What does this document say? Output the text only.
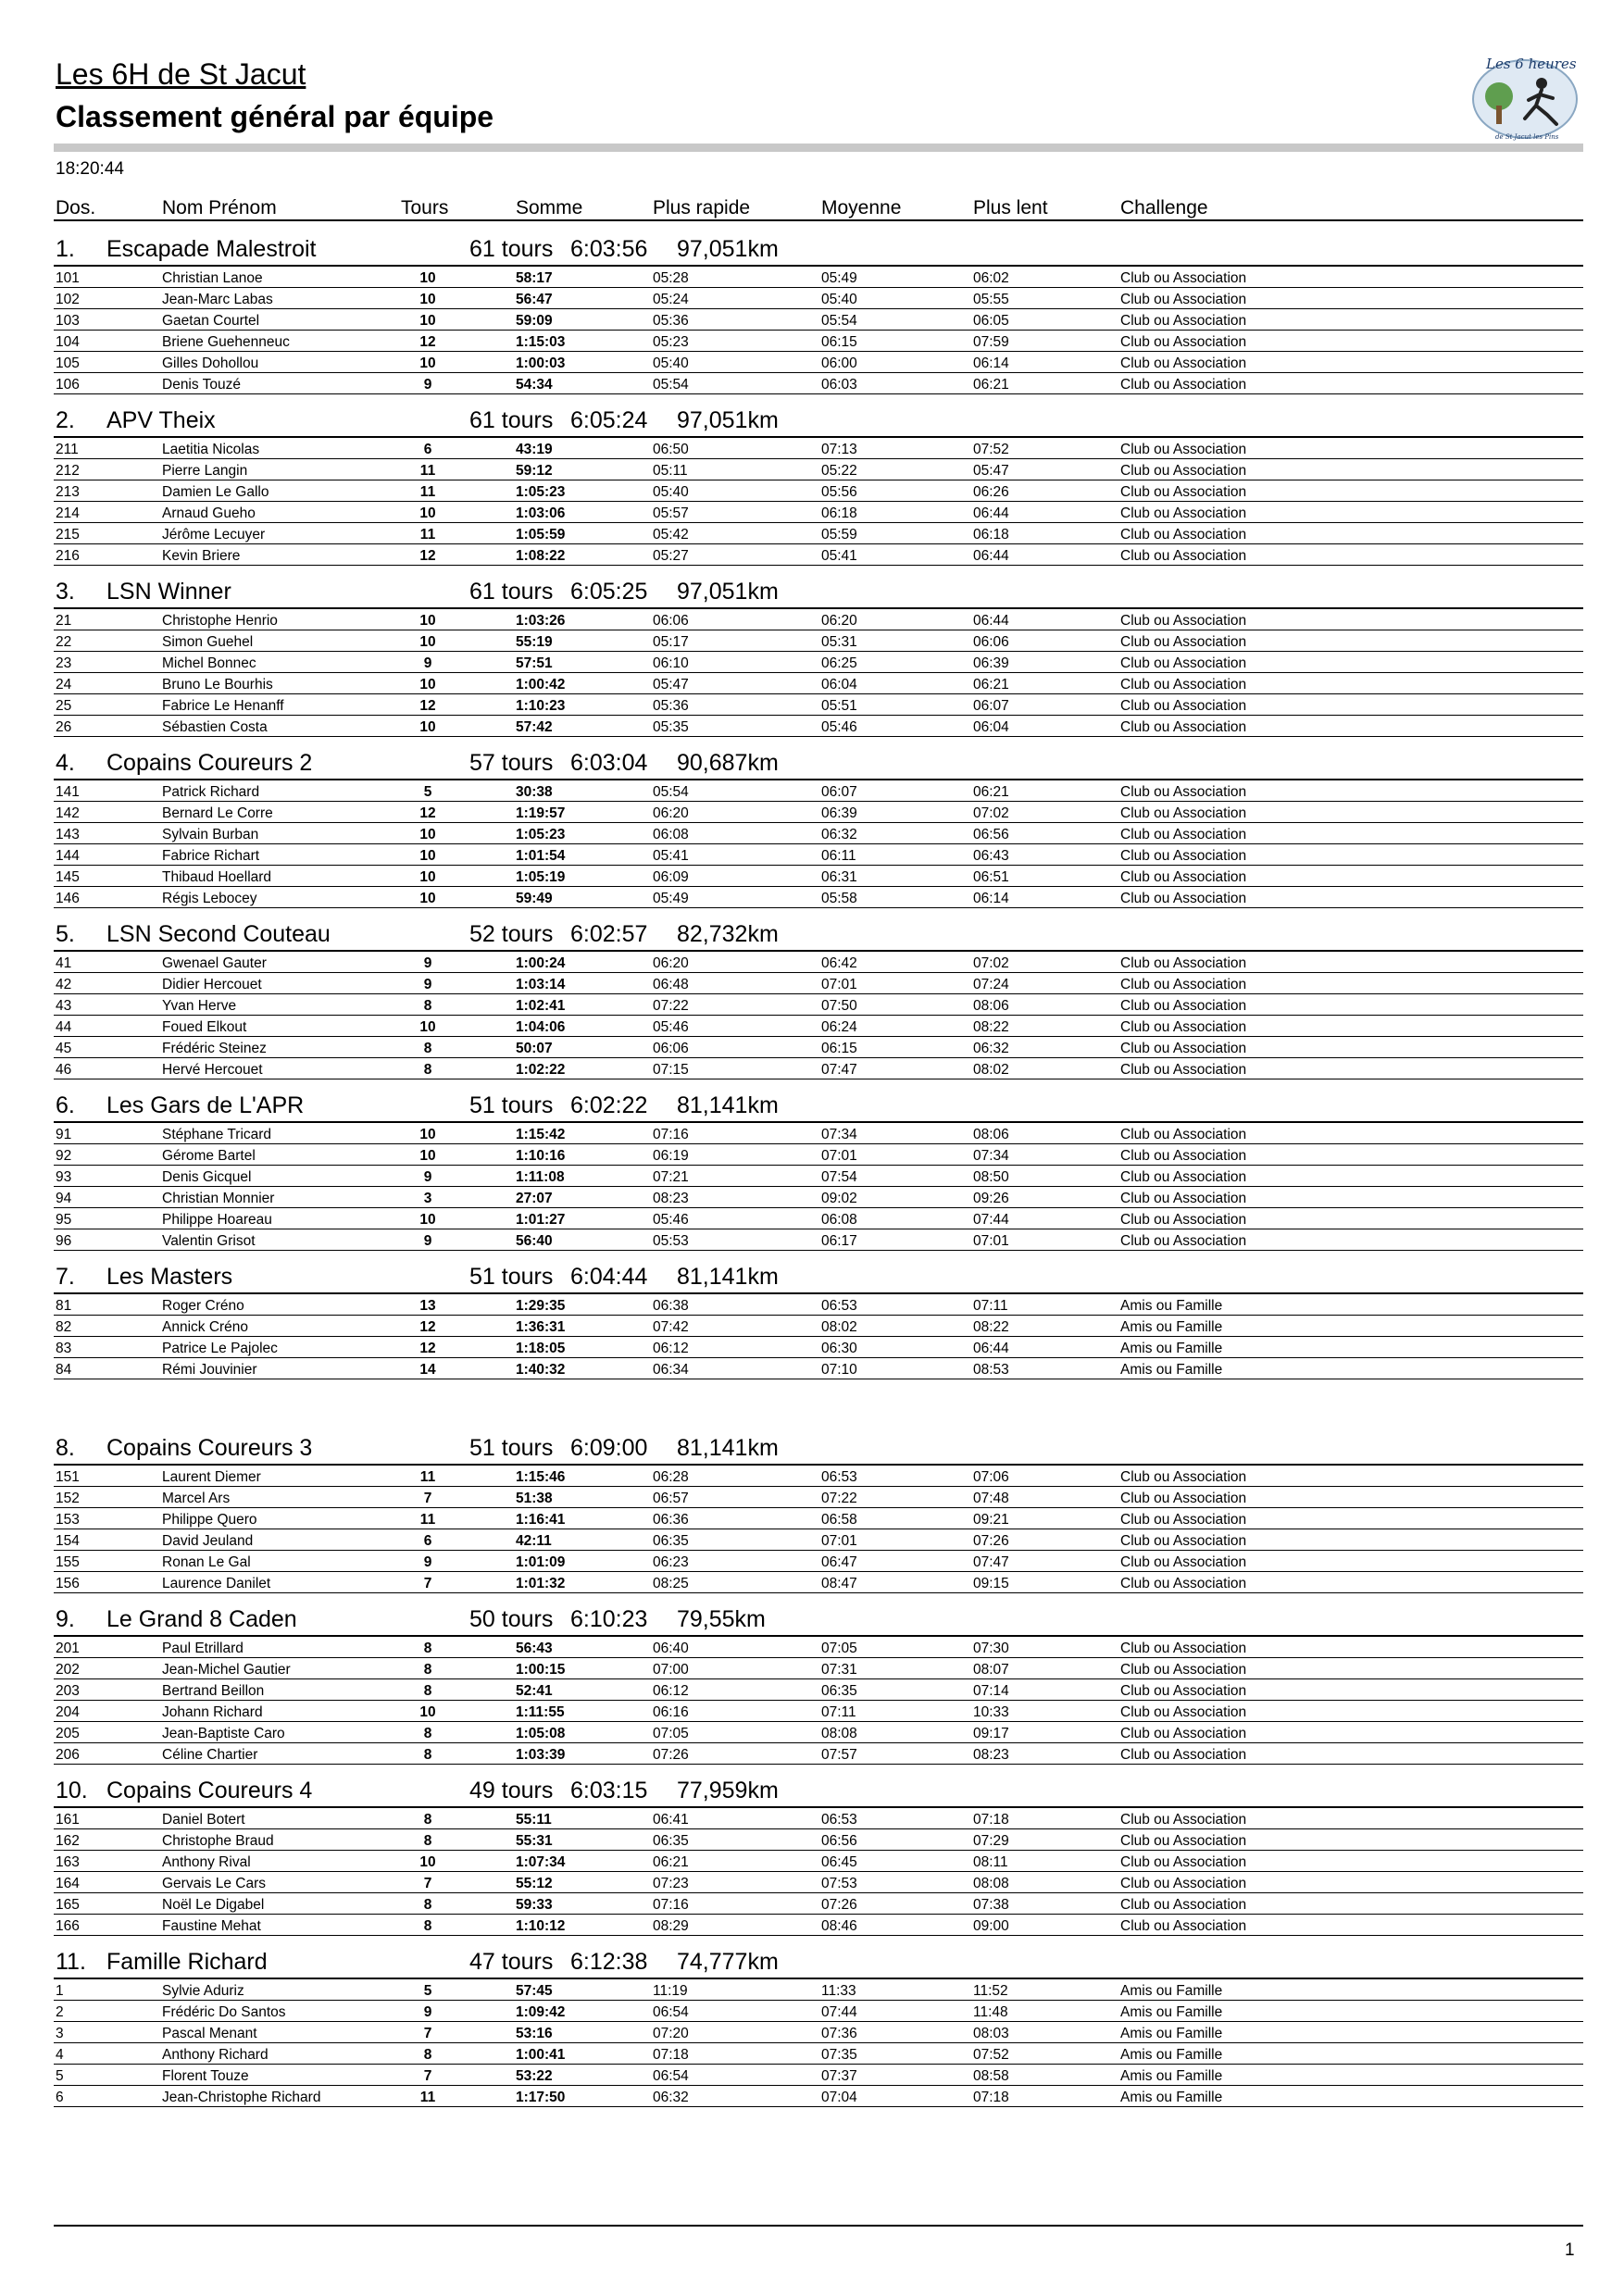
Les 6H de St Jacut
Classement général par équipe
Les 6 heures
de St Jacut les Pins
18:20:44
Dos.	Nom Prénom	Tours	Somme	Plus rapide	Moyenne	Plus lent	Challenge
1. Escapade Malestroit	61 tours 6:03:56 97,051km
101	Christian Lanoe	10	58:17	05:28	05:49	06:02	Club ou Association
102	Jean-Marc Labas	10	56:47	05:24	05:40	05:55	Club ou Association
103	Gaetan Courtel	10	59:09	05:36	05:54	06:05	Club ou Association
104	Briene Guehenneuc	12	1:15:03	05:23	06:15	07:59	Club ou Association
105	Gilles Dohollou	10	1:00:03	05:40	06:00	06:14	Club ou Association
106	Denis Touzé	9	54:34	05:54	06:03	06:21	Club ou Association
2. APV Theix	61 tours 6:05:24 97,051km
211	Laetitia Nicolas	6	43:19	06:50	07:13	07:52	Club ou Association
212	Pierre Langin	11	59:12	05:11	05:22	05:47	Club ou Association
213	Damien Le Gallo	11	1:05:23	05:40	05:56	06:26	Club ou Association
214	Arnaud Gueho	10	1:03:06	05:57	06:18	06:44	Club ou Association
215	Jérôme Lecuyer	11	1:05:59	05:42	05:59	06:18	Club ou Association
216	Kevin Briere	12	1:08:22	05:27	05:41	06:44	Club ou Association
3. LSN Winner	61 tours 6:05:25 97,051km
21	Christophe Henrio	10	1:03:26	06:06	06:20	06:44	Club ou Association
22	Simon Guehel	10	55:19	05:17	05:31	06:06	Club ou Association
23	Michel Bonnec	9	57:51	06:10	06:25	06:39	Club ou Association
24	Bruno Le Bourhis	10	1:00:42	05:47	06:04	06:21	Club ou Association
25	Fabrice Le Henanff	12	1:10:23	05:36	05:51	06:07	Club ou Association
26	Sébastien Costa	10	57:42	05:35	05:46	06:04	Club ou Association
4. Copains Coureurs 2	57 tours 6:03:04 90,687km
141	Patrick Richard	5	30:38	05:54	06:07	06:21	Club ou Association
142	Bernard Le Corre	12	1:19:57	06:20	06:39	07:02	Club ou Association
143	Sylvain Burban	10	1:05:23	06:08	06:32	06:56	Club ou Association
144	Fabrice Richart	10	1:01:54	05:41	06:11	06:43	Club ou Association
145	Thibaud Hoellard	10	1:05:19	06:09	06:31	06:51	Club ou Association
146	Régis Lebocey	10	59:49	05:49	05:58	06:14	Club ou Association
5. LSN Second Couteau	52 tours 6:02:57 82,732km
41	Gwenael Gauter	9	1:00:24	06:20	06:42	07:02	Club ou Association
42	Didier Hercouet	9	1:03:14	06:48	07:01	07:24	Club ou Association
43	Yvan Herve	8	1:02:41	07:22	07:50	08:06	Club ou Association
44	Foued Elkout	10	1:04:06	05:46	06:24	08:22	Club ou Association
45	Frédéric Steinez	8	50:07	06:06	06:15	06:32	Club ou Association
46	Hervé Hercouet	8	1:02:22	07:15	07:47	08:02	Club ou Association
6. Les Gars de L'APR	51 tours 6:02:22 81,141km
91	Stéphane Tricard	10	1:15:42	07:16	07:34	08:06	Club ou Association
92	Gérome Bartel	10	1:10:16	06:19	07:01	07:34	Club ou Association
93	Denis Gicquel	9	1:11:08	07:21	07:54	08:50	Club ou Association
94	Christian Monnier	3	27:07	08:23	09:02	09:26	Club ou Association
95	Philippe Hoareau	10	1:01:27	05:46	06:08	07:44	Club ou Association
96	Valentin Grisot	9	56:40	05:53	06:17	07:01	Club ou Association
7. Les Masters	51 tours 6:04:44 81,141km
81	Roger Créno	13	1:29:35	06:38	06:53	07:11	Amis ou Famille
82	Annick Créno	12	1:36:31	07:42	08:02	08:22	Amis ou Famille
83	Patrice Le Pajolec	12	1:18:05	06:12	06:30	06:44	Amis ou Famille
84	Rémi Jouvinier	14	1:40:32	06:34	07:10	08:53	Amis ou Famille
8. Copains Coureurs 3	51 tours 6:09:00 81,141km
151	Laurent Diemer	11	1:15:46	06:28	06:53	07:06	Club ou Association
152	Marcel Ars	7	51:38	06:57	07:22	07:48	Club ou Association
153	Philippe Quero	11	1:16:41	06:36	06:58	09:21	Club ou Association
154	David Jeuland	6	42:11	06:35	07:01	07:26	Club ou Association
155	Ronan Le Gal	9	1:01:09	06:23	06:47	07:47	Club ou Association
156	Laurence Danilet	7	1:01:32	08:25	08:47	09:15	Club ou Association
9. Le Grand 8 Caden	50 tours 6:10:23 79,55km
201	Paul Etrillard	8	56:43	06:40	07:05	07:30	Club ou Association
202	Jean-Michel Gautier	8	1:00:15	07:00	07:31	08:07	Club ou Association
203	Bertrand Beillon	8	52:41	06:12	06:35	07:14	Club ou Association
204	Johann Richard	10	1:11:55	06:16	07:11	10:33	Club ou Association
205	Jean-Baptiste Caro	8	1:05:08	07:05	08:08	09:17	Club ou Association
206	Céline Chartier	8	1:03:39	07:26	07:57	08:23	Club ou Association
10. Copains Coureurs 4	49 tours 6:03:15 77,959km
161	Daniel Botert	8	55:11	06:41	06:53	07:18	Club ou Association
162	Christophe Braud	8	55:31	06:35	06:56	07:29	Club ou Association
163	Anthony Rival	10	1:07:34	06:21	06:45	08:11	Club ou Association
164	Gervais Le Cars	7	55:12	07:23	07:53	08:08	Club ou Association
165	Noël Le Digabel	8	59:33	07:16	07:26	07:38	Club ou Association
166	Faustine Mehat	8	1:10:12	08:29	08:46	09:00	Club ou Association
11. Famille Richard	47 tours 6:12:38 74,777km
1	Sylvie Aduriz	5	57:45	11:19	11:33	11:52	Amis ou Famille
2	Frédéric Do Santos	9	1:09:42	06:54	07:44	11:48	Amis ou Famille
3	Pascal Menant	7	53:16	07:20	07:36	08:03	Amis ou Famille
4	Anthony Richard	8	1:00:41	07:18	07:35	07:52	Amis ou Famille
5	Florent Touze	7	53:22	06:54	07:37	08:58	Amis ou Famille
6	Jean-Christophe Richard	11	1:17:50	06:32	07:04	07:18	Amis ou Famille
1
